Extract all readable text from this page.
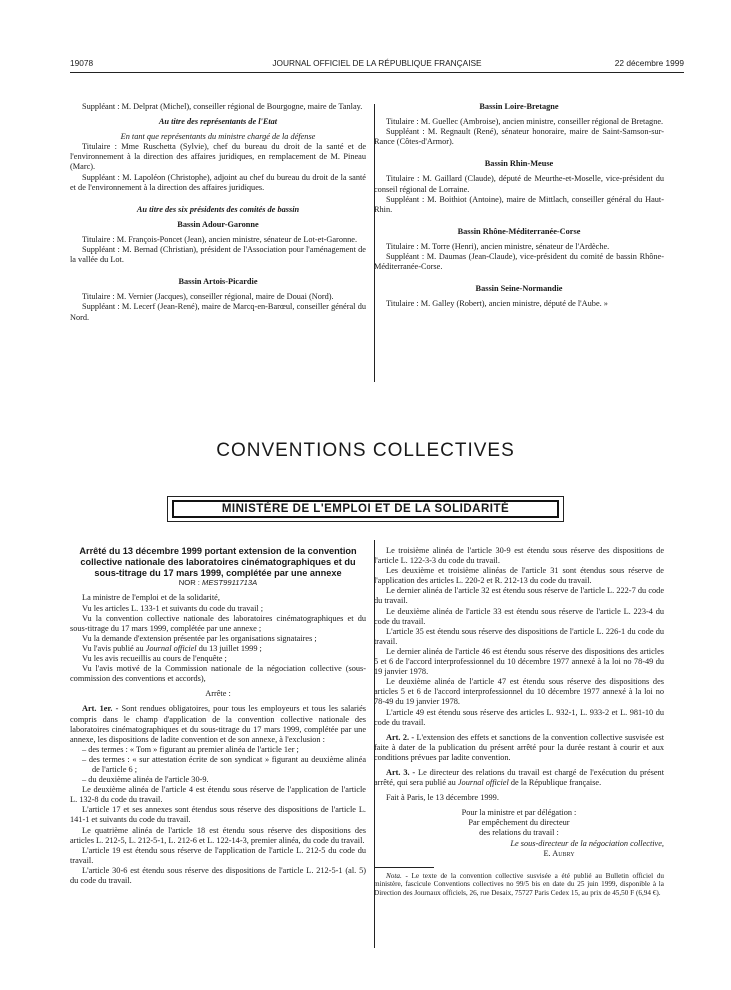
19078	JOURNAL OFFICIEL DE LA RÉPUBLIQUE FRANÇAISE	22 décembre 1999

Suppléant : M. Delprat (Michel), conseiller régional de Bourgogne, maire de Tanlay.

Au titre des représentants de l'Etat

En tant que représentants du ministre chargé de la défense

Titulaire : Mme Ruschetta (Sylvie), chef du bureau du droit de la santé et de l'environnement à la direction des affaires juridiques, en remplacement de M. Pineau (Marc).

Suppléant : M. Lapoléon (Christophe), adjoint au chef du bureau du droit de la santé et de l'environnement à la direction des affaires juridiques.

Au titre des six présidents des comités de bassin

Bassin Adour-Garonne

Titulaire : M. François-Poncet (Jean), ancien ministre, sénateur de Lot-et-Garonne.

Suppléant : M. Bernad (Christian), président de l'Association pour l'aménagement de la vallée du Lot.

Bassin Artois-Picardie

Titulaire : M. Vernier (Jacques), conseiller régional, maire de Douai (Nord).

Suppléant : M. Lecerf (Jean-René), maire de Marcq-en-Barœul, conseiller général du Nord.

Bassin Loire-Bretagne

Titulaire : M. Guellec (Ambroise), ancien ministre, conseiller régional de Bretagne.

Suppléant : M. Regnault (René), sénateur honoraire, maire de Saint-Samson-sur-Rance (Côtes-d'Armor).

Bassin Rhin-Meuse

Titulaire : M. Gaillard (Claude), député de Meurthe-et-Moselle, vice-président du conseil régional de Lorraine.

Suppléant : M. Boithiot (Antoine), maire de Mittlach, conseiller général du Haut-Rhin.

Bassin Rhône-Méditerranée-Corse

Titulaire : M. Torre (Henri), ancien ministre, sénateur de l'Ardèche.

Suppléant : M. Daumas (Jean-Claude), vice-président du comité de bassin Rhône-Méditerranée-Corse.

Bassin Seine-Normandie

Titulaire : M. Galley (Robert), ancien ministre, député de l'Aube. »

CONVENTIONS COLLECTIVES
MINISTÈRE DE L'EMPLOI ET DE LA SOLIDARITÉ

Arrêté du 13 décembre 1999 portant extension de la convention collective nationale des laboratoires cinématographiques et du sous-titrage du 17 mars 1999, complétée par une annexe

NOR : MEST9911713A

La ministre de l'emploi et de la solidarité,

Vu les articles L. 133-1 et suivants du code du travail ;

Vu la convention collective nationale des laboratoires cinématographiques et du sous-titrage du 17 mars 1999, complétée par une annexe ;

Vu la demande d'extension présentée par les organisations signataires ;

Vu l'avis publié au Journal officiel du 13 juillet 1999 ;

Vu les avis recueillis au cours de l'enquête ;

Vu l'avis motivé de la Commission nationale de la négociation collective (sous-commission des conventions et accords),

Arrête :

Art. 1er. - Sont rendues obligatoires, pour tous les employeurs et tous les salariés compris dans le champ d'application de la convention collective nationale des laboratoires cinématographiques et du sous-titrage du 17 mars 1999, complétée par une annexe, les dispositions de ladite convention et de son annexe, à l'exclusion :

– des termes : « Tom » figurant au premier alinéa de l'article 1er ;

– des termes : « sur attestation écrite de son syndicat » figurant au deuxième alinéa de l'article 6 ;

– du deuxième alinéa de l'article 30-9.

Le deuxième alinéa de l'article 4 est étendu sous réserve de l'application de l'article L. 132-8 du code du travail.

L'article 17 et ses annexes sont étendus sous réserve des dispositions de l'article L. 141-1 et suivants du code du travail.

Le quatrième alinéa de l'article 18 est étendu sous réserve des dispositions des articles L. 212-5, L. 212-5-1, L. 212-6 et L. 122-14-3, premier alinéa, du code du travail.

L'article 19 est étendu sous réserve de l'application de l'article L. 212-5 du code du travail.

L'article 30-6 est étendu sous réserve des dispositions de l'article L. 212-5-1 (al. 5) du code du travail.

Le troisième alinéa de l'article 30-9 est étendu sous réserve des dispositions de l'article L. 122-3-3 du code du travail.

Les deuxième et troisième alinéas de l'article 31 sont étendus sous réserve de l'application des articles L. 220-2 et R. 212-13 du code du travail.

Le dernier alinéa de l'article 32 est étendu sous réserve de l'article L. 222-7 du code du travail.

Le deuxième alinéa de l'article 33 est étendu sous réserve de l'article L. 223-4 du code du travail.

L'article 35 est étendu sous réserve des dispositions de l'article L. 226-1 du code du travail.

Le dernier alinéa de l'article 46 est étendu sous réserve des dispositions des articles 5 et 6 de l'accord interprofessionnel du 10 décembre 1977 annexé à la loi no 78-49 du 19 janvier 1978.

Le deuxième alinéa de l'article 47 est étendu sous réserve des dispositions des articles 5 et 6 de l'accord interprofessionnel du 10 décembre 1977 annexé à la loi no 78-49 du 19 janvier 1978.

L'article 49 est étendu sous réserve des articles L. 932-1, L. 933-2 et L. 981-10 du code du travail.

Art. 2. - L'extension des effets et sanctions de la convention collective susvisée est faite à dater de la publication du présent arrêté pour la durée restant à courir et aux conditions prévues par ladite convention.

Art. 3. - Le directeur des relations du travail est chargé de l'exécution du présent arrêté, qui sera publié au Journal officiel de la République française.

Fait à Paris, le 13 décembre 1999.

Pour la ministre et par délégation :

Par empêchement du directeur

des relations du travail :

Le sous-directeur de la négociation collective,

E. Aubry

Nota. - Le texte de la convention collective susvisée a été publié au Bulletin officiel du ministère, fascicule Conventions collectives no 99/5 bis en date du 25 juin 1999, disponible à la Direction des Journaux officiels, 26, rue Desaix, 75727 Paris Cedex 15, au prix de 45,50 F (6,94 €).
